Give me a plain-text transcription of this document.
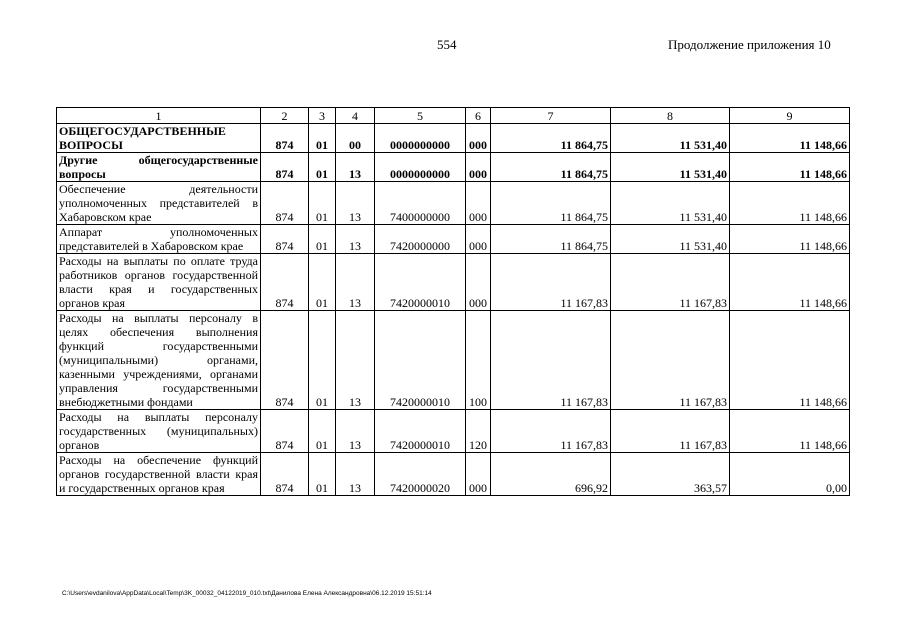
554	Продолжение приложения 10
1	2	3	4	5	6	7	8	9
ОБЩЕГОСУДАРСТВЕННЫЕ ВОПРОСЫ	874	01	00	0000000000	000	11 864,75	11 531,40	11 148,66
Другие общегосударственные вопросы	874	01	13	0000000000	000	11 864,75	11 531,40	11 148,66
Обеспечение деятельности уполномоченных представителей в Хабаровском крае	874	01	13	7400000000	000	11 864,75	11 531,40	11 148,66
Аппарат уполномоченных представителей в Хабаровском крае	874	01	13	7420000000	000	11 864,75	11 531,40	11 148,66
Расходы на выплаты по оплате труда работников органов государственной власти края и государственных органов края	874	01	13	7420000010	000	11 167,83	11 167,83	11 148,66
Расходы на выплаты персоналу в целях обеспечения выполнения функций государственными (муниципальными) органами, казенными учреждениями, органами управления государственными внебюджетными фондами	874	01	13	7420000010	100	11 167,83	11 167,83	11 148,66
Расходы на выплаты персоналу государственных (муниципальных) органов	874	01	13	7420000010	120	11 167,83	11 167,83	11 148,66
Расходы на обеспечение функций органов государственной власти края и государственных органов края	874	01	13	7420000020	000	696,92	363,57	0,00
C:\Users\evdanilova\AppData\Local\Temp\3K_00032_04122019_010.txt\Данилова Елена Александровна\06.12.2019 15:51:14
